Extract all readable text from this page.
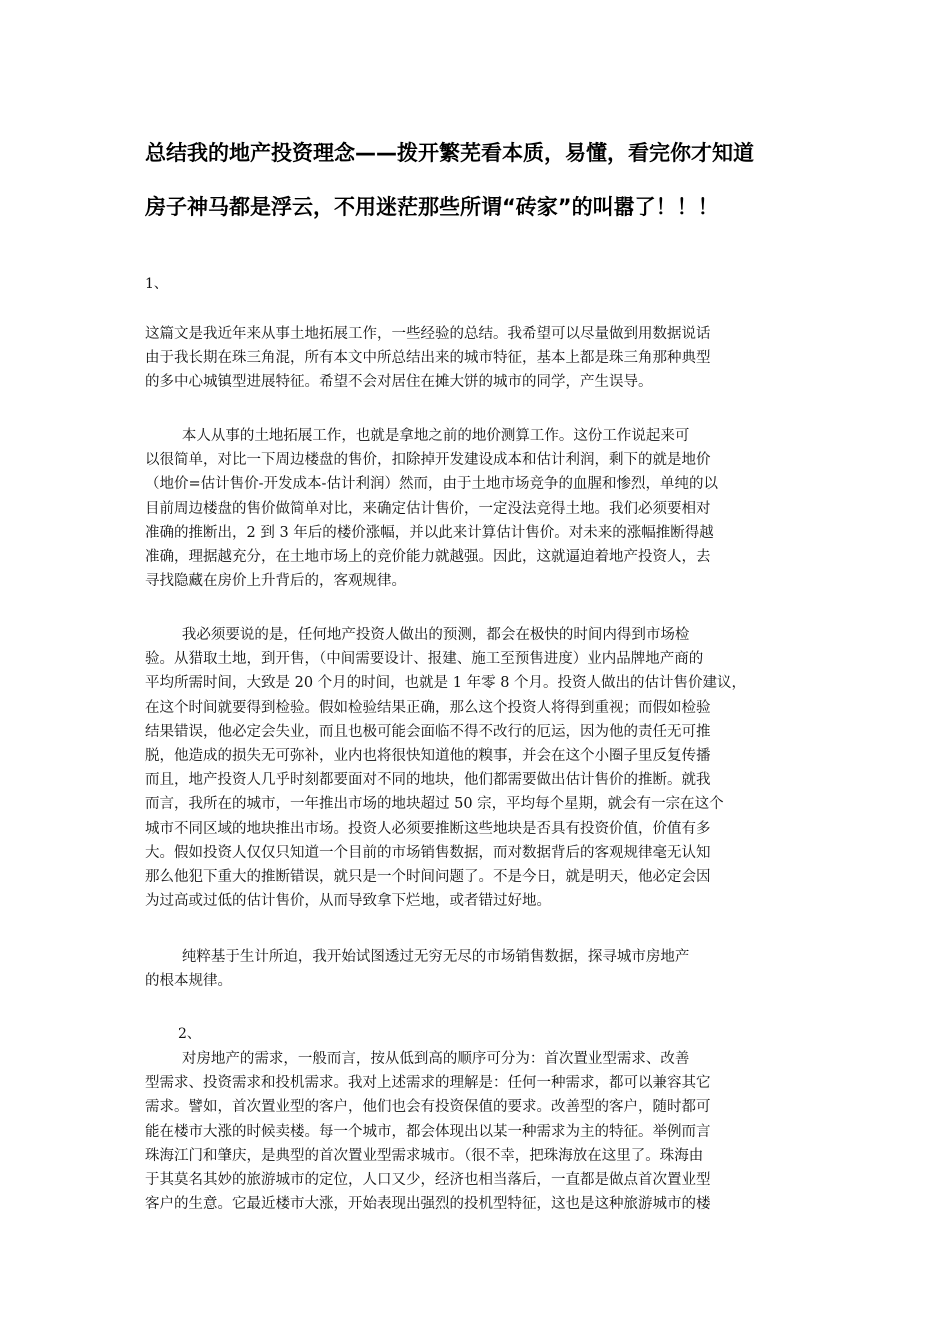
总结我的地产投资理念——拨开繁芜看本质，易懂，看完你才知道
房子神马都是浮云，不用迷茫那些所谓“砖家”的叫嚣了！！！
1、
这篇文是我近年来从事土地拓展工作，一些经验的总结。我希望可以尽量做到用数据说话
由于我长期在珠三角混，所有本文中所总结出来的城市特征，基本上都是珠三角那种典型
的多中心城镇型进展特征。希望不会对居住在摊大饼的城市的同学，产生误导。
本人从事的土地拓展工作，也就是拿地之前的地价测算工作。这份工作说起来可
以很简单，对比一下周边楼盘的售价，扣除掉开发建设成本和估计利润，剩下的就是地价
（地价=估计售价-开发成本-估计利润）然而，由于土地市场竞争的血腥和惨烈，单纯的以
目前周边楼盘的售价做简单对比，来确定估计售价，一定没法竞得土地。我们必须要相对
准确的推断出，2 到 3 年后的楼价涨幅，并以此来计算估计售价。对未来的涨幅推断得越
准确，理据越充分，在土地市场上的竞价能力就越强。因此，这就逼迫着地产投资人，去
寻找隐藏在房价上升背后的，客观规律。
我必须要说的是，任何地产投资人做出的预测，都会在极快的时间内得到市场检
验。从猎取土地，到开售，（中间需要设计、报建、施工至预售进度）业内品牌地产商的
平均所需时间，大致是 20 个月的时间，也就是 1 年零 8 个月。投资人做出的估计售价建议，
在这个时间就要得到检验。假如检验结果正确，那么这个投资人将得到重视；而假如检验
结果错误，他必定会失业，而且也极可能会面临不得不改行的厄运，因为他的责任无可推
脱，他造成的损失无可弥补，业内也将很快知道他的糗事，并会在这个小圈子里反复传播
而且，地产投资人几乎时刻都要面对不同的地块，他们都需要做出估计售价的推断。就我
而言，我所在的城市，一年推出市场的地块超过 50 宗，平均每个星期，就会有一宗在这个
城市不同区域的地块推出市场。投资人必须要推断这些地块是否具有投资价值，价值有多
大。假如投资人仅仅只知道一个目前的市场销售数据，而对数据背后的客观规律毫无认知
那么他犯下重大的推断错误，就只是一个时间问题了。不是今日，就是明天，他必定会因
为过高或过低的估计售价，从而导致拿下烂地，或者错过好地。
纯粹基于生计所迫，我开始试图透过无穷无尽的市场销售数据，探寻城市房地产
的根本规律。
2、
对房地产的需求，一般而言，按从低到高的顺序可分为：首次置业型需求、改善
型需求、投资需求和投机需求。我对上述需求的理解是：任何一种需求，都可以兼容其它
需求。譬如，首次置业型的客户，他们也会有投资保值的要求。改善型的客户，随时都可
能在楼市大涨的时候卖楼。每一个城市，都会体现出以某一种需求为主的特征。举例而言
珠海江门和肇庆，是典型的首次置业型需求城市。（很不幸，把珠海放在这里了。珠海由
于其莫名其妙的旅游城市的定位，人口又少，经济也相当落后，一直都是做点首次置业型
客户的生意。它最近楼市大涨，开始表现出强烈的投机型特征，这也是这种旅游城市的楼
